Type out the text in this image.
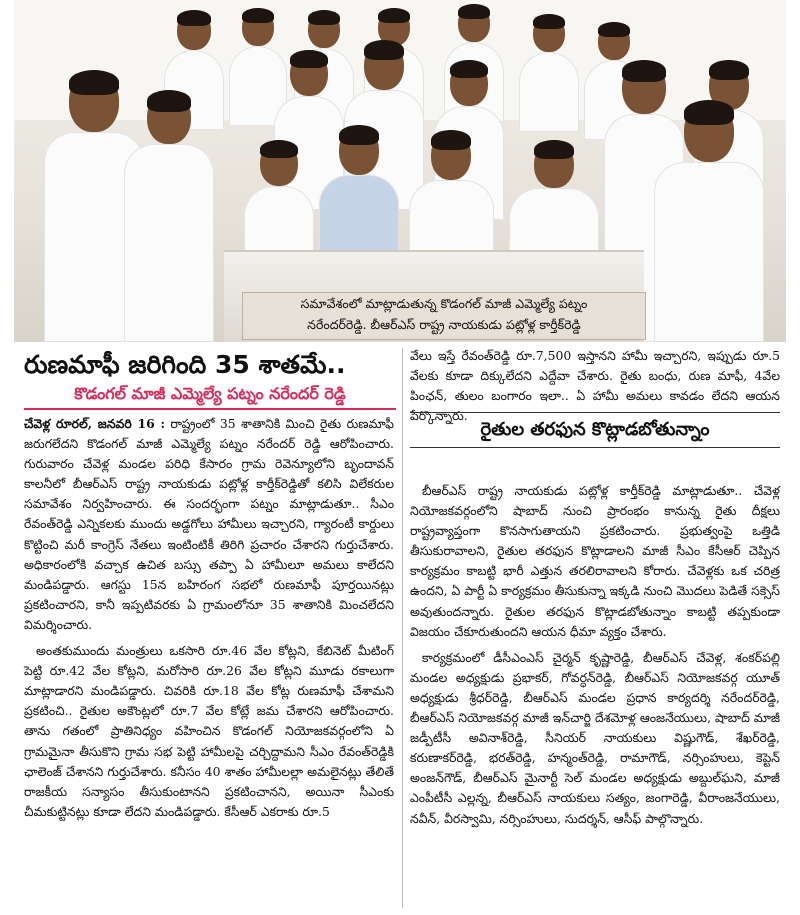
సమావేశంలో మాట్లాడుతున్న కొడంగల్ మాజీ ఎమ్మెల్యే పట్నం
నరేందర్‌రెడ్డి. బీఆర్ఎస్ రాష్ట్ర నాయకుడు పట్లోళ్ల కార్తీక్‌రెడ్డి
రుణమాఫీ జరిగింది 35 శాతమే..
కొడంగల్ మాజీ ఎమ్మెల్యే పట్నం నరేందర్ రెడ్డి

చేవెళ్ల రూరల్, జనవరి 16 : రాష్ట్రంలో 35 శాతానికి మించి రైతు రుణమాఫీ జరుగలేదని కొడంగల్ మాజీ ఎమ్మెల్యే పట్నం నరేందర్ రెడ్డి ఆరోపించారు. గురువారం చేవెళ్ల మండల పరిధి కేసారం గ్రామ రెవెన్యూలోని బృందావన్ కాలనీలో బీఆర్ఎస్ రాష్ట్ర నాయకుడు పట్లోళ్ల కార్తీక్‌రెడ్డితో కలిసి విలేకరుల సమావేశం నిర్వహించారు. ఈ సందర్భంగా పట్నం మాట్లాడుతూ.. సీఎం రేవంత్‌రెడ్డి ఎన్నికలకు ముందు అడ్డగోలు హామీలు ఇచ్చారని, గ్యారంటీ కార్డులు కొట్టించి మరీ కాంగ్రెస్ నేతలు ఇంటింటికీ తిరిగి ప్రచారం చేశారని గుర్తుచేశారు. అధికారంలోకి వచ్చాక ఉచిత బస్సు తప్పా ఏ హామీలూ అమలు కాలేదని మండిపడ్డారు. ఆగస్టు 15న బహిరంగ సభలో రుణమాఫీ పూర్తయినట్లు ప్రకటించారని, కానీ ఇప్పటివరకు ఏ గ్రామంలోనూ 35 శాతానికి మించలేదని విమర్శించారు.

అంతకుముందు మంత్రులు ఒకసారి రూ.46 వేల కోట్లని, కేబినెట్ మీటింగ్ పెట్టి రూ.42 వేల కోట్లని, మరోసారి రూ.26 వేల కోట్లని మూడు రకాలుగా మాట్లాడారని మండిపడ్డారు. చివరికి రూ.18 వేల కోట్ల రుణమాఫీ చేశామని ప్రకటించి.. రైతుల అకౌంట్లలో రూ.7 వేల కోట్లే జమ చేశారని ఆరోపించారు. తాను గతంలో ప్రాతినిధ్యం వహించిన కొడంగల్ నియోజకవర్గంలోని ఏ గ్రామమైనా తీసుకొని గ్రామ సభ పెట్టి హామీలపై చర్చిద్దామని సీఎం రేవంత్‌రెడ్డికి ఛాలెంజ్ చేశానని గుర్తుచేశారు. కనీసం 40 శాతం హామీలల్లా అమలైనట్లు తేలితే రాజకీయ సన్యాసం తీసుకుంటానని ప్రకటించానని, అయినా సీఎంకు చీమకుట్టినట్లు కూడా లేదని మండిపడ్డారు. కేసీఆర్ ఎకరాకు రూ.5

వేలు ఇస్తే రేవంత్‌రెడ్డి రూ.7,500 ఇస్తానని హామీ ఇచ్చారని, ఇప్పుడు రూ.5 వేలకు కూడా దిక్కులేదని ఎద్దేవా చేశారు. రైతు బంధు, రుణ మాఫీ, 4వేల పింఛన్, తులం బంగారం ఇలా.. ఏ హామీ అమలు కావడం లేదని ఆయన పేర్కొన్నారు.

రైతుల తరఫున కొట్లాడబోతున్నాం

బీఆర్ఎస్ రాష్ట్ర నాయకుడు పట్లోళ్ల కార్తీక్‌రెడ్డి మాట్లాడుతూ.. చేవెళ్ల నియోజకవర్గంలోని షాబాద్ నుంచి ప్రారంభం కానున్న రైతు దీక్షలు రాష్ట్రవ్యాప్తంగా కొనసాగుతాయని ప్రకటించారు. ప్రభుత్వంపై ఒత్తిడి తీసుకురావాలని, రైతుల తరఫున కొట్లాడాలని మాజీ సీఎం కేసీఆర్ చెప్పిన కార్యక్రమం కాబట్టి భారీ ఎత్తున తరలిరావాలని కోరారు. చేవెళ్లకు ఒక చరిత్ర ఉందని, ఏ పార్టీ ఏ కార్యక్రమం తీసుకున్నా ఇక్కడి నుంచి మొదలు పెడితే సక్సెస్ అవుతుందన్నారు. రైతుల తరఫున కొట్లాడబోతున్నాం కాబట్టి తప్పకుండా విజయం చేకూరుతుందని ఆయన ధీమా వ్యక్తం చేశారు.

కార్యక్రమంలో డీసీఎంఎస్ చైర్మన్ కృష్ణారెడ్డి, బీఆర్ఎస్ చేవెళ్ల, శంకర్‌పల్లి మండల అధ్యక్షుడు ప్రభాకర్, గోవర్ధన్‌రెడ్డి, బీఆర్ఎస్ నియోజకవర్గ యూత్ అధ్యక్షుడు శ్రీధర్‌రెడ్డి, బీఆర్ఎస్ మండల ప్రధాన కార్యదర్శి నరేందర్‌రెడ్డి, బీఆర్ఎస్ నియోజకవర్గ మాజీ ఇన్‌చార్జి దేశమోళ్ల ఆంజనేయులు, షాబాద్ మాజీ జడ్పీటీసీ అవినాశ్‌రెడ్డి, సీనియర్ నాయకులు విష్ణుగౌడ్, శేఖర్‌రెడ్డి, కరుణాకర్‌రెడ్డి, భరత్‌రెడ్డి, హన్మంత్‌రెడ్డి, రామాగౌడ్, నర్సింహులు, కెప్టెన్ అంజన్‌గౌడ్, బీఆర్ఎస్ మైనార్టీ సెల్ మండల అధ్యక్షుడు అబ్దుల్‌ఘని, మాజీ ఎంపీటీసీ ఎల్లన్న, బీఆర్ఎస్ నాయకులు సత్యం, జంగారెడ్డి, వీరాంజనేయులు, నవీన్, వీరస్వామి, నర్సింహులు, సుదర్శన్, ఆసీఫ్ పాల్గొన్నారు.
